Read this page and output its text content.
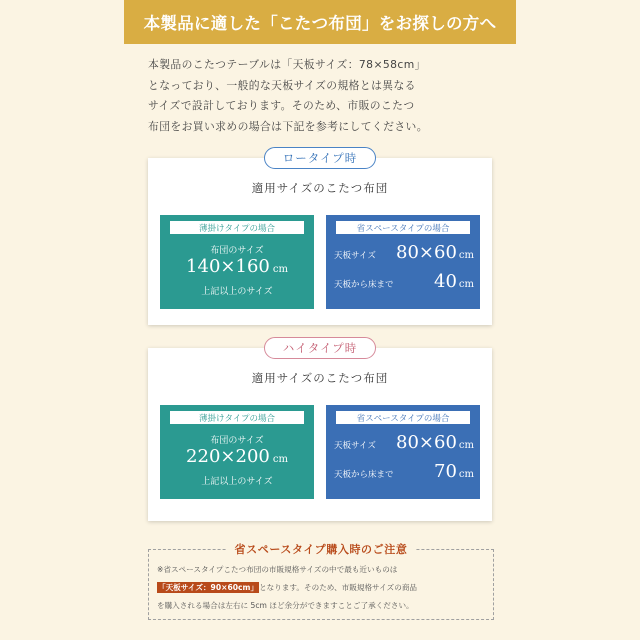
本製品に適した「こたつ布団」をお探しの方へ

本製品のこたつテーブルは「天板サイズ：78×58cm」

となっており、一般的な天板サイズの規格とは異なる

サイズで設計しております。そのため、市販のこたつ

布団をお買い求めの場合は下記を参考にしてください。

ロータイプ時
適用サイズのこたつ布団
薄掛けタイプの場合
布団のサイズ
140×160 cm
上記以上のサイズ
省スペースタイプの場合
天板サイズ 80×60 cm
天板から床まで 40 cm
ハイタイプ時
適用サイズのこたつ布団
薄掛けタイプの場合
布団のサイズ
220×200 cm
上記以上のサイズ
省スペースタイプの場合
天板サイズ 80×60 cm
天板から床まで 70 cm
省スペースタイプ購入時のご注意

※省スペースタイプこたつ布団の市販規格サイズの中で最も近いものは

「天板サイズ：90×60cm」となります。そのため、市販規格サイズの商品

を購入される場合は左右に 5cm ほど余分ができますことご了承ください。
